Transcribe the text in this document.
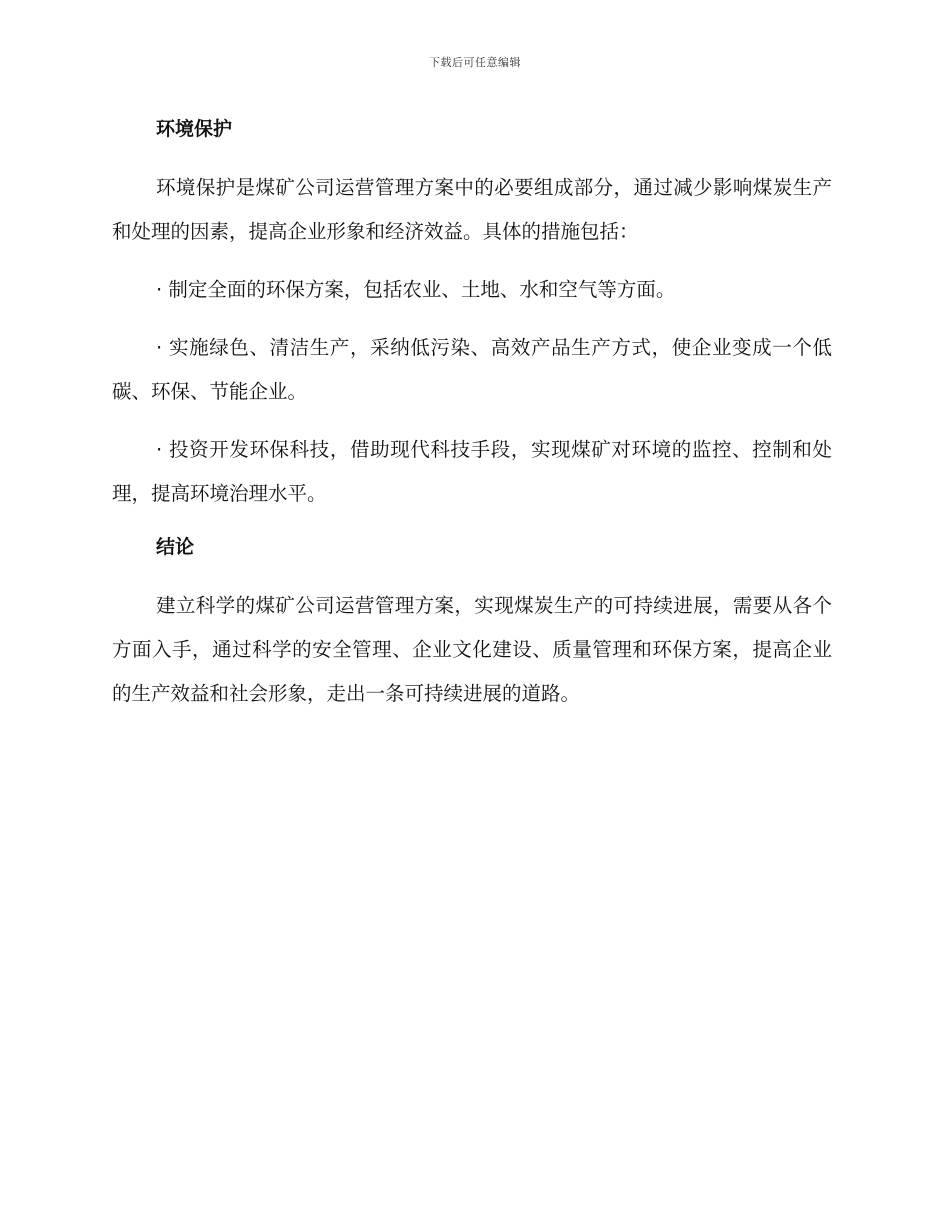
下载后可任意编辑
环境保护

环境保护是煤矿公司运营管理方案中的必要组成部分，通过减少影响煤炭生产和处理的因素，提高企业形象和经济效益。具体的措施包括：

· 制定全面的环保方案，包括农业、土地、水和空气等方面。

· 实施绿色、清洁生产，采纳低污染、高效产品生产方式，使企业变成一个低碳、环保、节能企业。

· 投资开发环保科技，借助现代科技手段，实现煤矿对环境的监控、控制和处理，提高环境治理水平。

结论

建立科学的煤矿公司运营管理方案，实现煤炭生产的可持续进展，需要从各个方面入手，通过科学的安全管理、企业文化建设、质量管理和环保方案，提高企业的生产效益和社会形象，走出一条可持续进展的道路。
